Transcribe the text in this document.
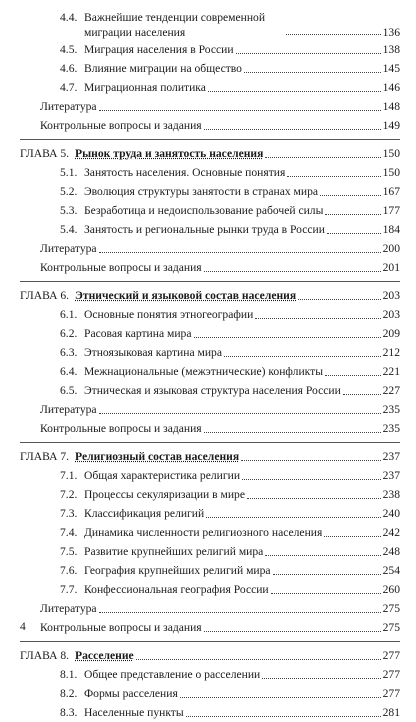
4.4. Важнейшие тенденции современной миграции населения	136
4.5. Миграция населения в России	138
4.6. Влияние миграции на общество	145
4.7. Миграционная политика	146
Литература	148
Контрольные вопросы и задания	149
ГЛАВА 5. Рынок труда и занятость населения	150
5.1. Занятость населения. Основные понятия	150
5.2. Эволюция структуры занятости в странах мира	167
5.3. Безработица и недоиспользование рабочей силы	177
5.4. Занятость и региональные рынки труда в России	184
Литература	200
Контрольные вопросы и задания	201
ГЛАВА 6. Этнический и языковой состав населения	203
6.1. Основные понятия этногеографии	203
6.2. Расовая картина мира	209
6.3. Этноязыковая картина мира	212
6.4. Межнациональные (межэтнические) конфликты	221
6.5. Этническая и языковая структура населения России	227
Литература	235
Контрольные вопросы и задания	235
ГЛАВА 7. Религиозный состав населения	237
7.1. Общая характеристика религии	237
7.2. Процессы секуляризации в мире	238
7.3. Классификация религий	240
7.4. Динамика численности религиозного населения	242
7.5. Развитие крупнейших религий мира	248
7.6. География крупнейших религий мира	254
7.7. Конфессиональная география России	260
Литература	275
Контрольные вопросы и задания	275
ГЛАВА 8. Расселение	277
8.1. Общее представление о расселении	277
8.2. Формы расселения	277
8.3. Населенные пункты	281
4
